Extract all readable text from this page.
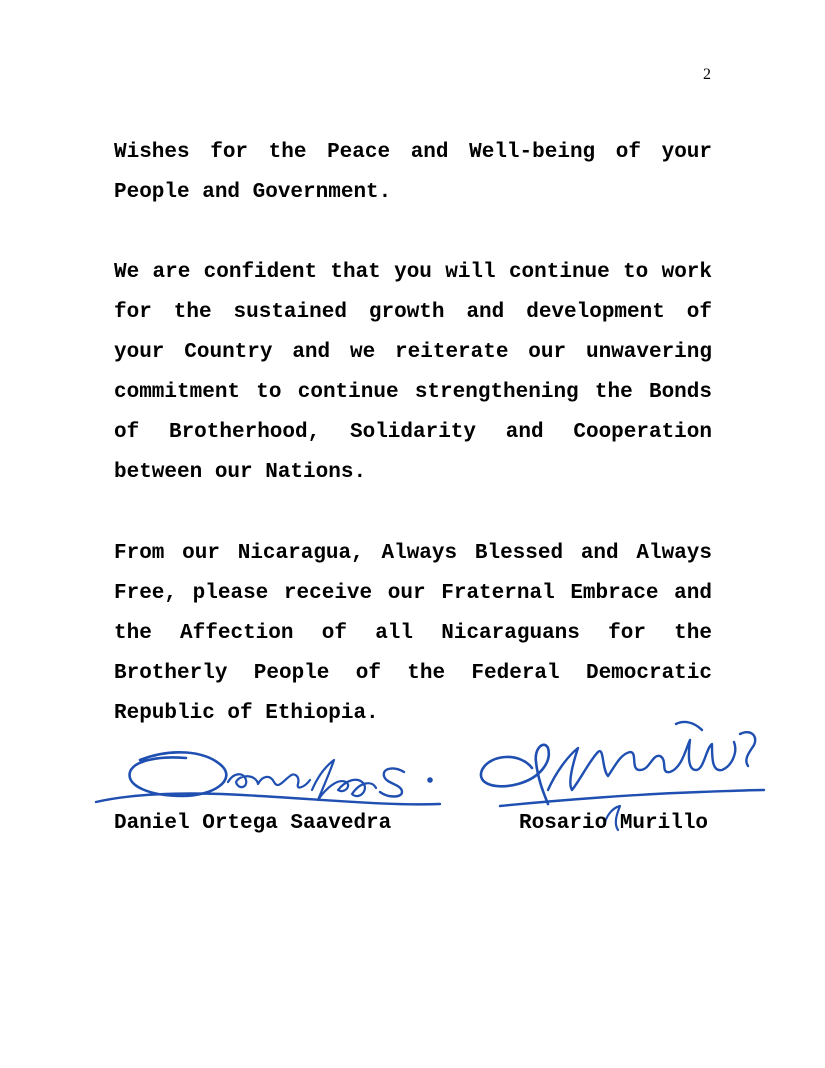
2

Wishes for the Peace and Well-being of your People and Government.

We are confident that you will continue to work for the sustained growth and development of your Country and we reiterate our unwavering commitment to continue strengthening the Bonds of Brotherhood, Solidarity and Cooperation between our Nations.

From our Nicaragua, Always Blessed and Always Free, please receive our Fraternal Embrace and the Affection of all Nicaraguans for the Brotherly People of the Federal Democratic Republic of Ethiopia.

Daniel Ortega Saavedra	Rosario Murillo
